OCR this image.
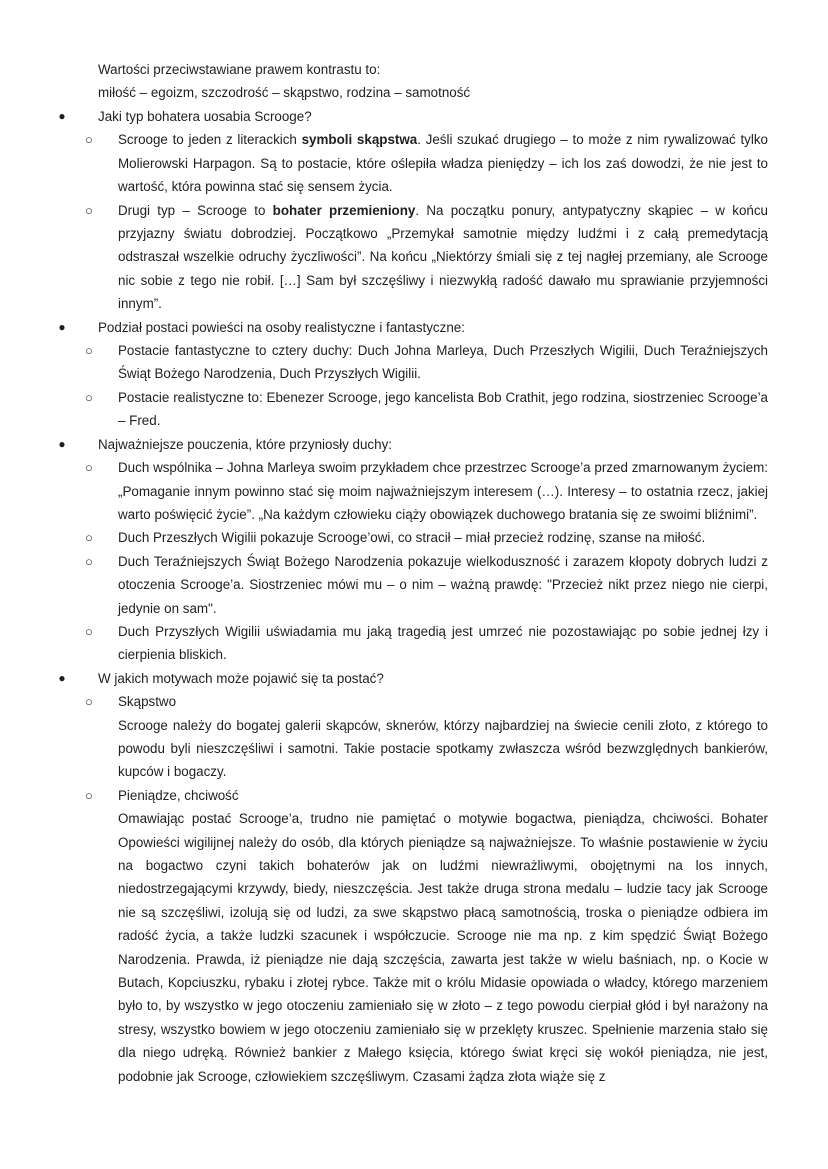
Wartości przeciwstawiane prawem kontrastu to:

miłość – egoizm, szczodrość – skąpstwo, rodzina – samotność

● Jaki typ bohatera uosabia Scrooge?
○	Scrooge to jeden z literackich symboli skąpstwa. Jeśli szukać drugiego – to może z nim rywalizować tylko Molierowski Harpagon. Są to postacie, które oślepiła władza pieniędzy – ich los zaś dowodzi, że nie jest to wartość, która powinna stać się sensem życia.
○	Drugi typ – Scrooge to bohater przemieniony. Na początku ponury, antypatyczny skąpiec – w końcu przyjazny światu dobrodziej. Początkowo „Przemykał samotnie między ludźmi i z całą premedytacją odstraszał wszelkie odruchy życzliwości”. Na końcu „Niektórzy śmiali się z tej nagłej przemiany, ale Scrooge nic sobie z tego nie robił. […] Sam był szczęśliwy i niezwykłą radość dawało mu sprawianie przyjemności innym”.
● Podział postaci powieści na osoby realistyczne i fantastyczne:
○	Postacie fantastyczne to cztery duchy: Duch Johna Marleya, Duch Przeszłych Wigilii, Duch Teraźniejszych Świąt Bożego Narodzenia, Duch Przyszłych Wigilii.
○	Postacie realistyczne to: Ebenezer Scrooge, jego kancelista Bob Crathit, jego rodzina, siostrzeniec Scrooge’a – Fred.
● Najważniejsze pouczenia, które przyniosły duchy:
○	Duch wspólnika – Johna Marleya swoim przykładem chce przestrzec Scrooge’a przed zmarnowanym życiem:„Pomaganie innym powinno stać się moim najważniejszym interesem (…). Interesy – to ostatnia rzecz, jakiej warto poświęcić życie”. „Na każdym człowieku ciąży obowiązek duchowego bratania się ze swoimi bliźnimi”.
○	Duch Przeszłych Wigilii pokazuje Scrooge’owi, co stracił – miał przecież rodzinę, szanse na miłość.
○	Duch Teraźniejszych Świąt Bożego Narodzenia pokazuje wielkoduszność i zarazem kłopoty dobrych ludzi z otoczenia Scrooge’a. Siostrzeniec mówi mu – o nim – ważną prawdę: "Przecież nikt przez niego nie cierpi, jedynie on sam".
○	Duch Przyszłych Wigilii uświadamia mu jaką tragedią jest umrzeć nie pozostawiając po sobie jednej łzy i cierpienia bliskich.
● W jakich motywach może pojawić się ta postać?
○	Skąpstwo
Scrooge należy do bogatej galerii skąpców, sknerów, którzy najbardziej na świecie cenili złoto, z którego to powodu byli nieszczęśliwi i samotni. Takie postacie spotkamy zwłaszcza wśród bezwzględnych bankierów, kupców i bogaczy.
○	Pieniądze, chciwość
Omawiając postać Scrooge’a, trudno nie pamiętać o motywie bogactwa, pieniądza, chciwości. Bohater Opowieści wigilijnej należy do osób, dla których pieniądze są najważniejsze. To właśnie postawienie w życiu na bogactwo czyni takich bohaterów jak on ludźmi niewrażliwymi, obojętnymi na los innych, niedostrzegającymi krzywdy, biedy, nieszczęścia. Jest także druga strona medalu – ludzie tacy jak Scrooge nie są szczęśliwi, izolują się od ludzi, za swe skąpstwo płacą samotnością, troska o pieniądze odbiera im radość życia, a także ludzki szacunek i współczucie. Scrooge nie ma np. z kim spędzić Świąt Bożego Narodzenia. Prawda, iż pieniądze nie dają szczęścia, zawarta jest także w wielu baśniach, np. o Kocie w Butach, Kopciuszku, rybaku i złotej rybce. Także mit o królu Midasie opowiada o władcy, którego marzeniem było to, by wszystko w jego otoczeniu zamieniało się w złoto – z tego powodu cierpiał głód i był narażony na stresy, wszystko bowiem w jego otoczeniu zamieniało się w przeklęty kruszec. Spełnienie marzenia stało się dla niego udręką. Również bankier z Małego księcia, którego świat kręci się wokół pieniądza, nie jest, podobnie jak Scrooge, człowiekiem szczęśliwym. Czasami żądza złota wiąże się z
